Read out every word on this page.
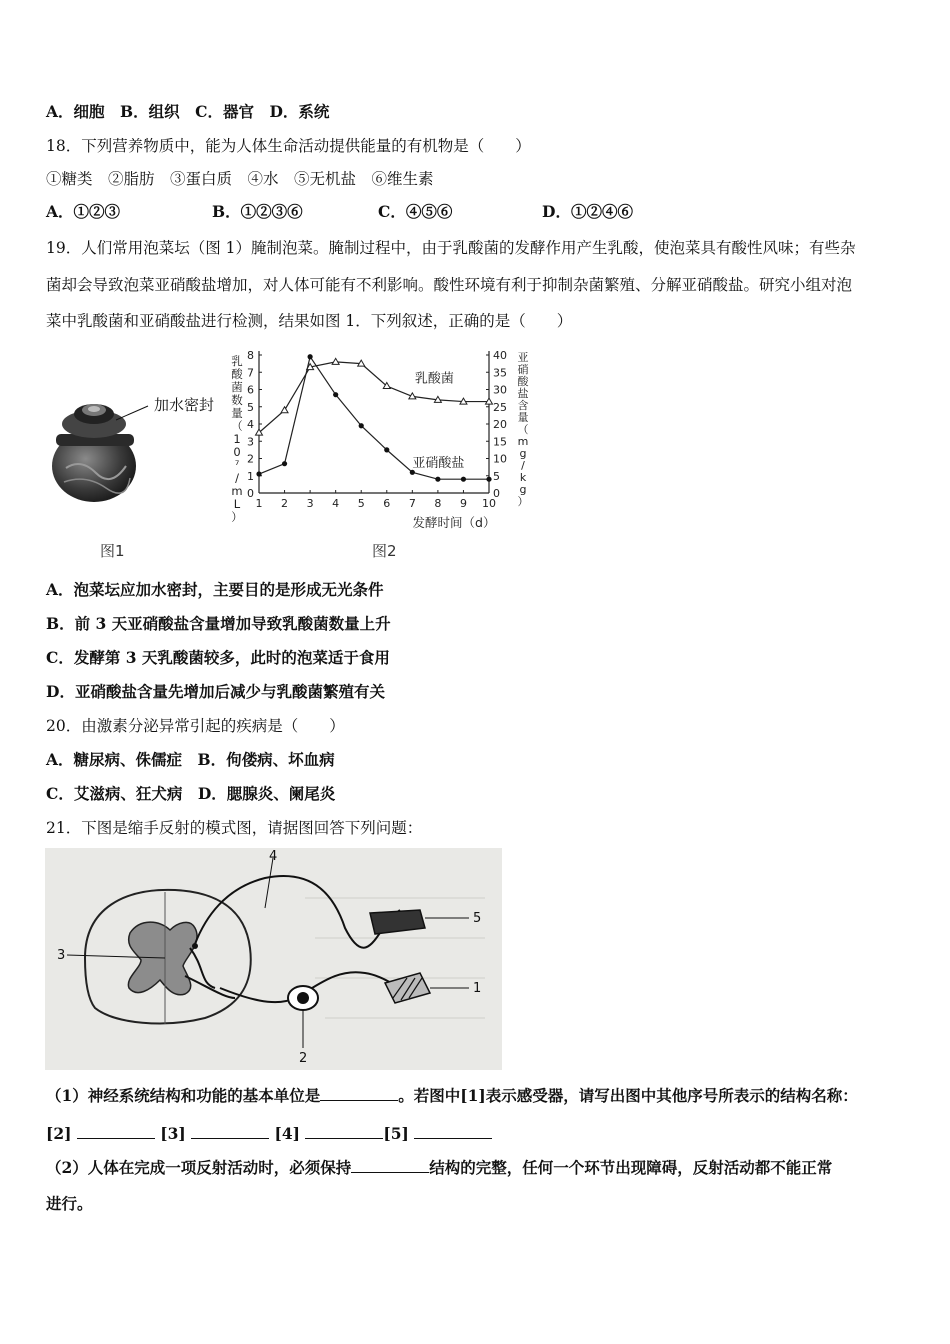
A．细胞　B．组织　C．器官　D．系统
18．下列营养物质中，能为人体生命活动提供能量的有机物是（　　）
①糖类　②脂肪　③蛋白质　④水　⑤无机盐　⑥维生素
A．①②③	B．①②③⑥	C．④⑤⑥	D．①②④⑥
19．人们常用泡菜坛（图 1）腌制泡菜。腌制过程中，由于乳酸菌的发酵作用产生乳酸，使泡菜具有酸性风味；有些杂
菌却会导致泡菜亚硝酸盐增加，对人体可能有不利影响。酸性环境有利于抑制杂菌繁殖、分解亚硝酸盐。研究小组对泡
菜中乳酸菌和亚硝酸盐进行检测，结果如图 1．下列叙述，正确的是（　　）
加水密封
图1
0
1
2
3
4
5
6
7
8
0
5
10
15
20
25
30
35
40
1 2 3 4 5 6 7 8 9 10
乳
酸
菌
数
量
（
1
0
⁷
/
m
L
）
亚
硝
酸
盐
含
量
（
m
g
/
k
g
）
发酵时间（d）
乳酸菌
亚硝酸盐
图2
A．泡菜坛应加水密封，主要目的是形成无光条件
B．前 3 天亚硝酸盐含量增加导致乳酸菌数量上升
C．发酵第 3 天乳酸菌较多，此时的泡菜适于食用
D．亚硝酸盐含量先增加后减少与乳酸菌繁殖有关
20．由激素分泌异常引起的疾病是（　　）
A．糖尿病、侏儒症　B．佝偻病、坏血病
C．艾滋病、狂犬病　D．腮腺炎、阑尾炎
21．下图是缩手反射的模式图，请据图回答下列问题：
3
4
5
1
2
（1）神经系统结构和功能的基本单位是	。若图中[1]表示感受器，请写出图中其他序号所表示的结构名称：
[2]	[3]	[4]	[5]
（2）人体在完成一项反射活动时，必须保持	结构的完整，任何一个环节出现障碍，反射活动都不能正常
进行。
